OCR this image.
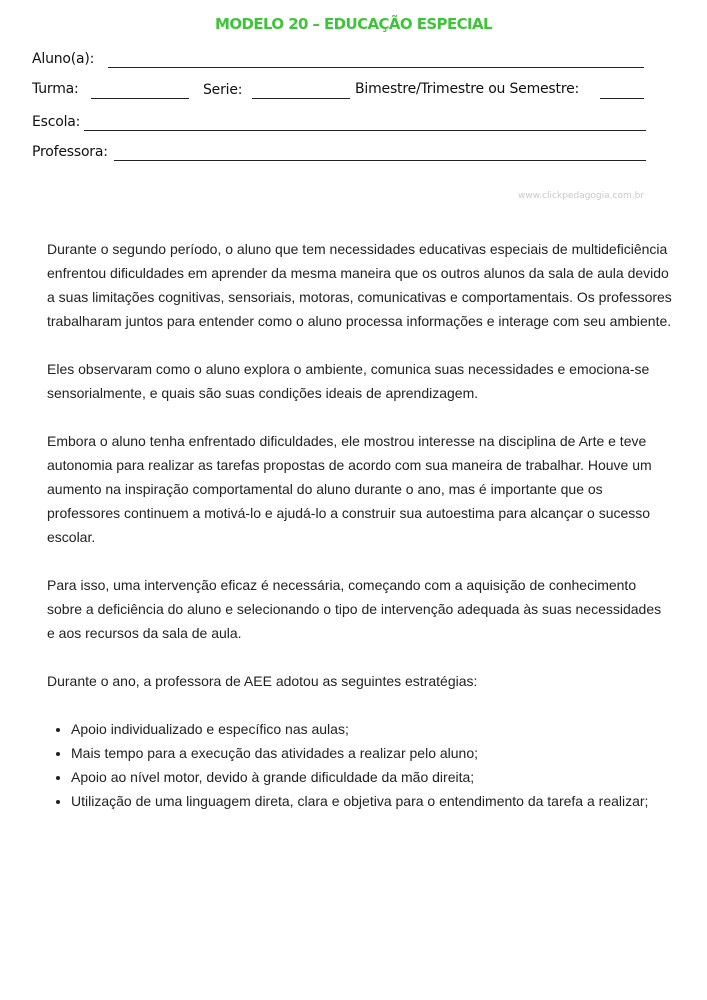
MODELO 20 – EDUCAÇÃO ESPECIAL
Aluno(a):
Turma:	Serie:	Bimestre/Trimestre ou Semestre:
Escola:
Professora:
www.clickpedagogia.com.br

Durante o segundo período, o aluno que tem necessidades educativas especiais de multideficiência enfrentou dificuldades em aprender da mesma maneira que os outros alunos da sala de aula devido a suas limitações cognitivas, sensoriais, motoras, comunicativas e comportamentais. Os professores trabalharam juntos para entender como o aluno processa informações e interage com seu ambiente.

Eles observaram como o aluno explora o ambiente, comunica suas necessidades e emociona-se sensorialmente, e quais são suas condições ideais de aprendizagem.

Embora o aluno tenha enfrentado dificuldades, ele mostrou interesse na disciplina de Arte e teve autonomia para realizar as tarefas propostas de acordo com sua maneira de trabalhar. Houve um aumento na inspiração comportamental do aluno durante o ano, mas é importante que os professores continuem a motivá-lo e ajudá-lo a construir sua autoestima para alcançar o sucesso escolar.

Para isso, uma intervenção eficaz é necessária, começando com a aquisição de conhecimento sobre a deficiência do aluno e selecionando o tipo de intervenção adequada às suas necessidades e aos recursos da sala de aula.

Durante o ano, a professora de AEE adotou as seguintes estratégias:

• Apoio individualizado e específico nas aulas;
• Mais tempo para a execução das atividades a realizar pelo aluno;
• Apoio ao nível motor, devido à grande dificuldade da mão direita;
• Utilização de uma linguagem direta, clara e objetiva para o entendimento da tarefa a realizar;
